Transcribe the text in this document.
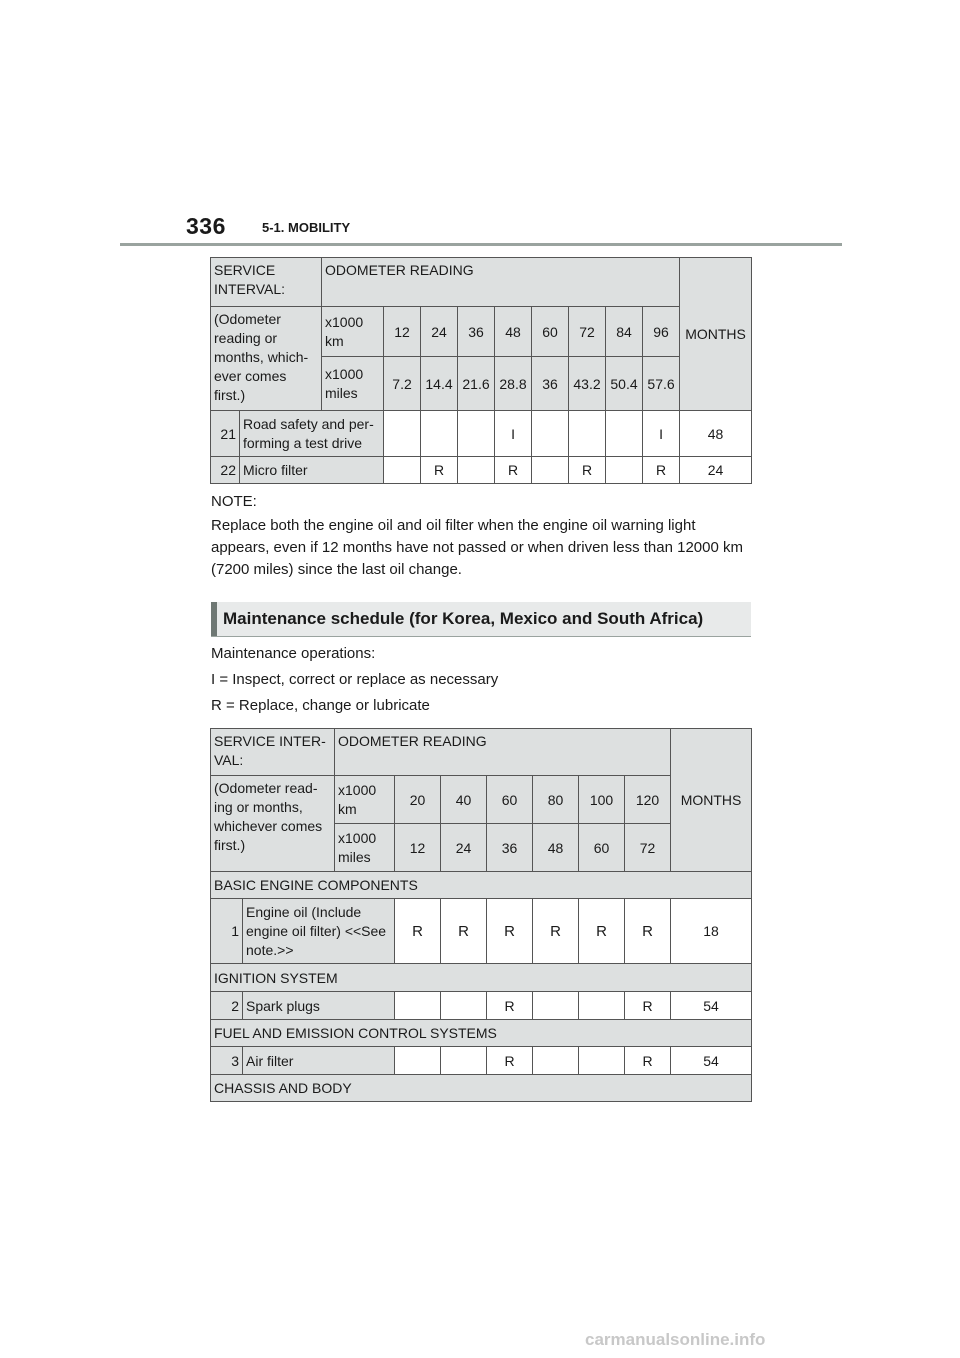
336	5-1. MOBILITY
SERVICE INTERVAL:		ODOMETER READING									MONTHS
(Odometer reading or months, which-ever comes first.)		x1000 km	12	24	36	48	60	72	84	96	
		x1000 miles	7.2	14.4	21.6	28.8	36	43.2	50.4	57.6	
21	Road safety and per-forming a test drive					I				I	48
22	Micro filter			R		R		R		R	24
NOTE:
Replace both the engine oil and oil filter when the engine oil warning light appears, even if 12 months have not passed or when driven less than 12000 km (7200 miles) since the last oil change.
Maintenance schedule (for Korea, Mexico and South Africa)
Maintenance operations:
I = Inspect, correct or replace as necessary
R = Replace, change or lubricate
SERVICE INTER-VAL:		ODOMETER READING							MONTHS
(Odometer read-ing or months, whichever comes first.)		x1000 km	20	40	60	80	100	120	
		x1000 miles	12	24	36	48	60	72	
BASIC ENGINE COMPONENTS									
1	Engine oil (Include engine oil filter) <<See note.>>		R	R	R	R	R	R	18
IGNITION SYSTEM									
2	Spark plugs				R			R	54
FUEL AND EMISSION CONTROL SYSTEMS									
3	Air filter				R			R	54
CHASSIS AND BODY									
carmanualsonline.info
